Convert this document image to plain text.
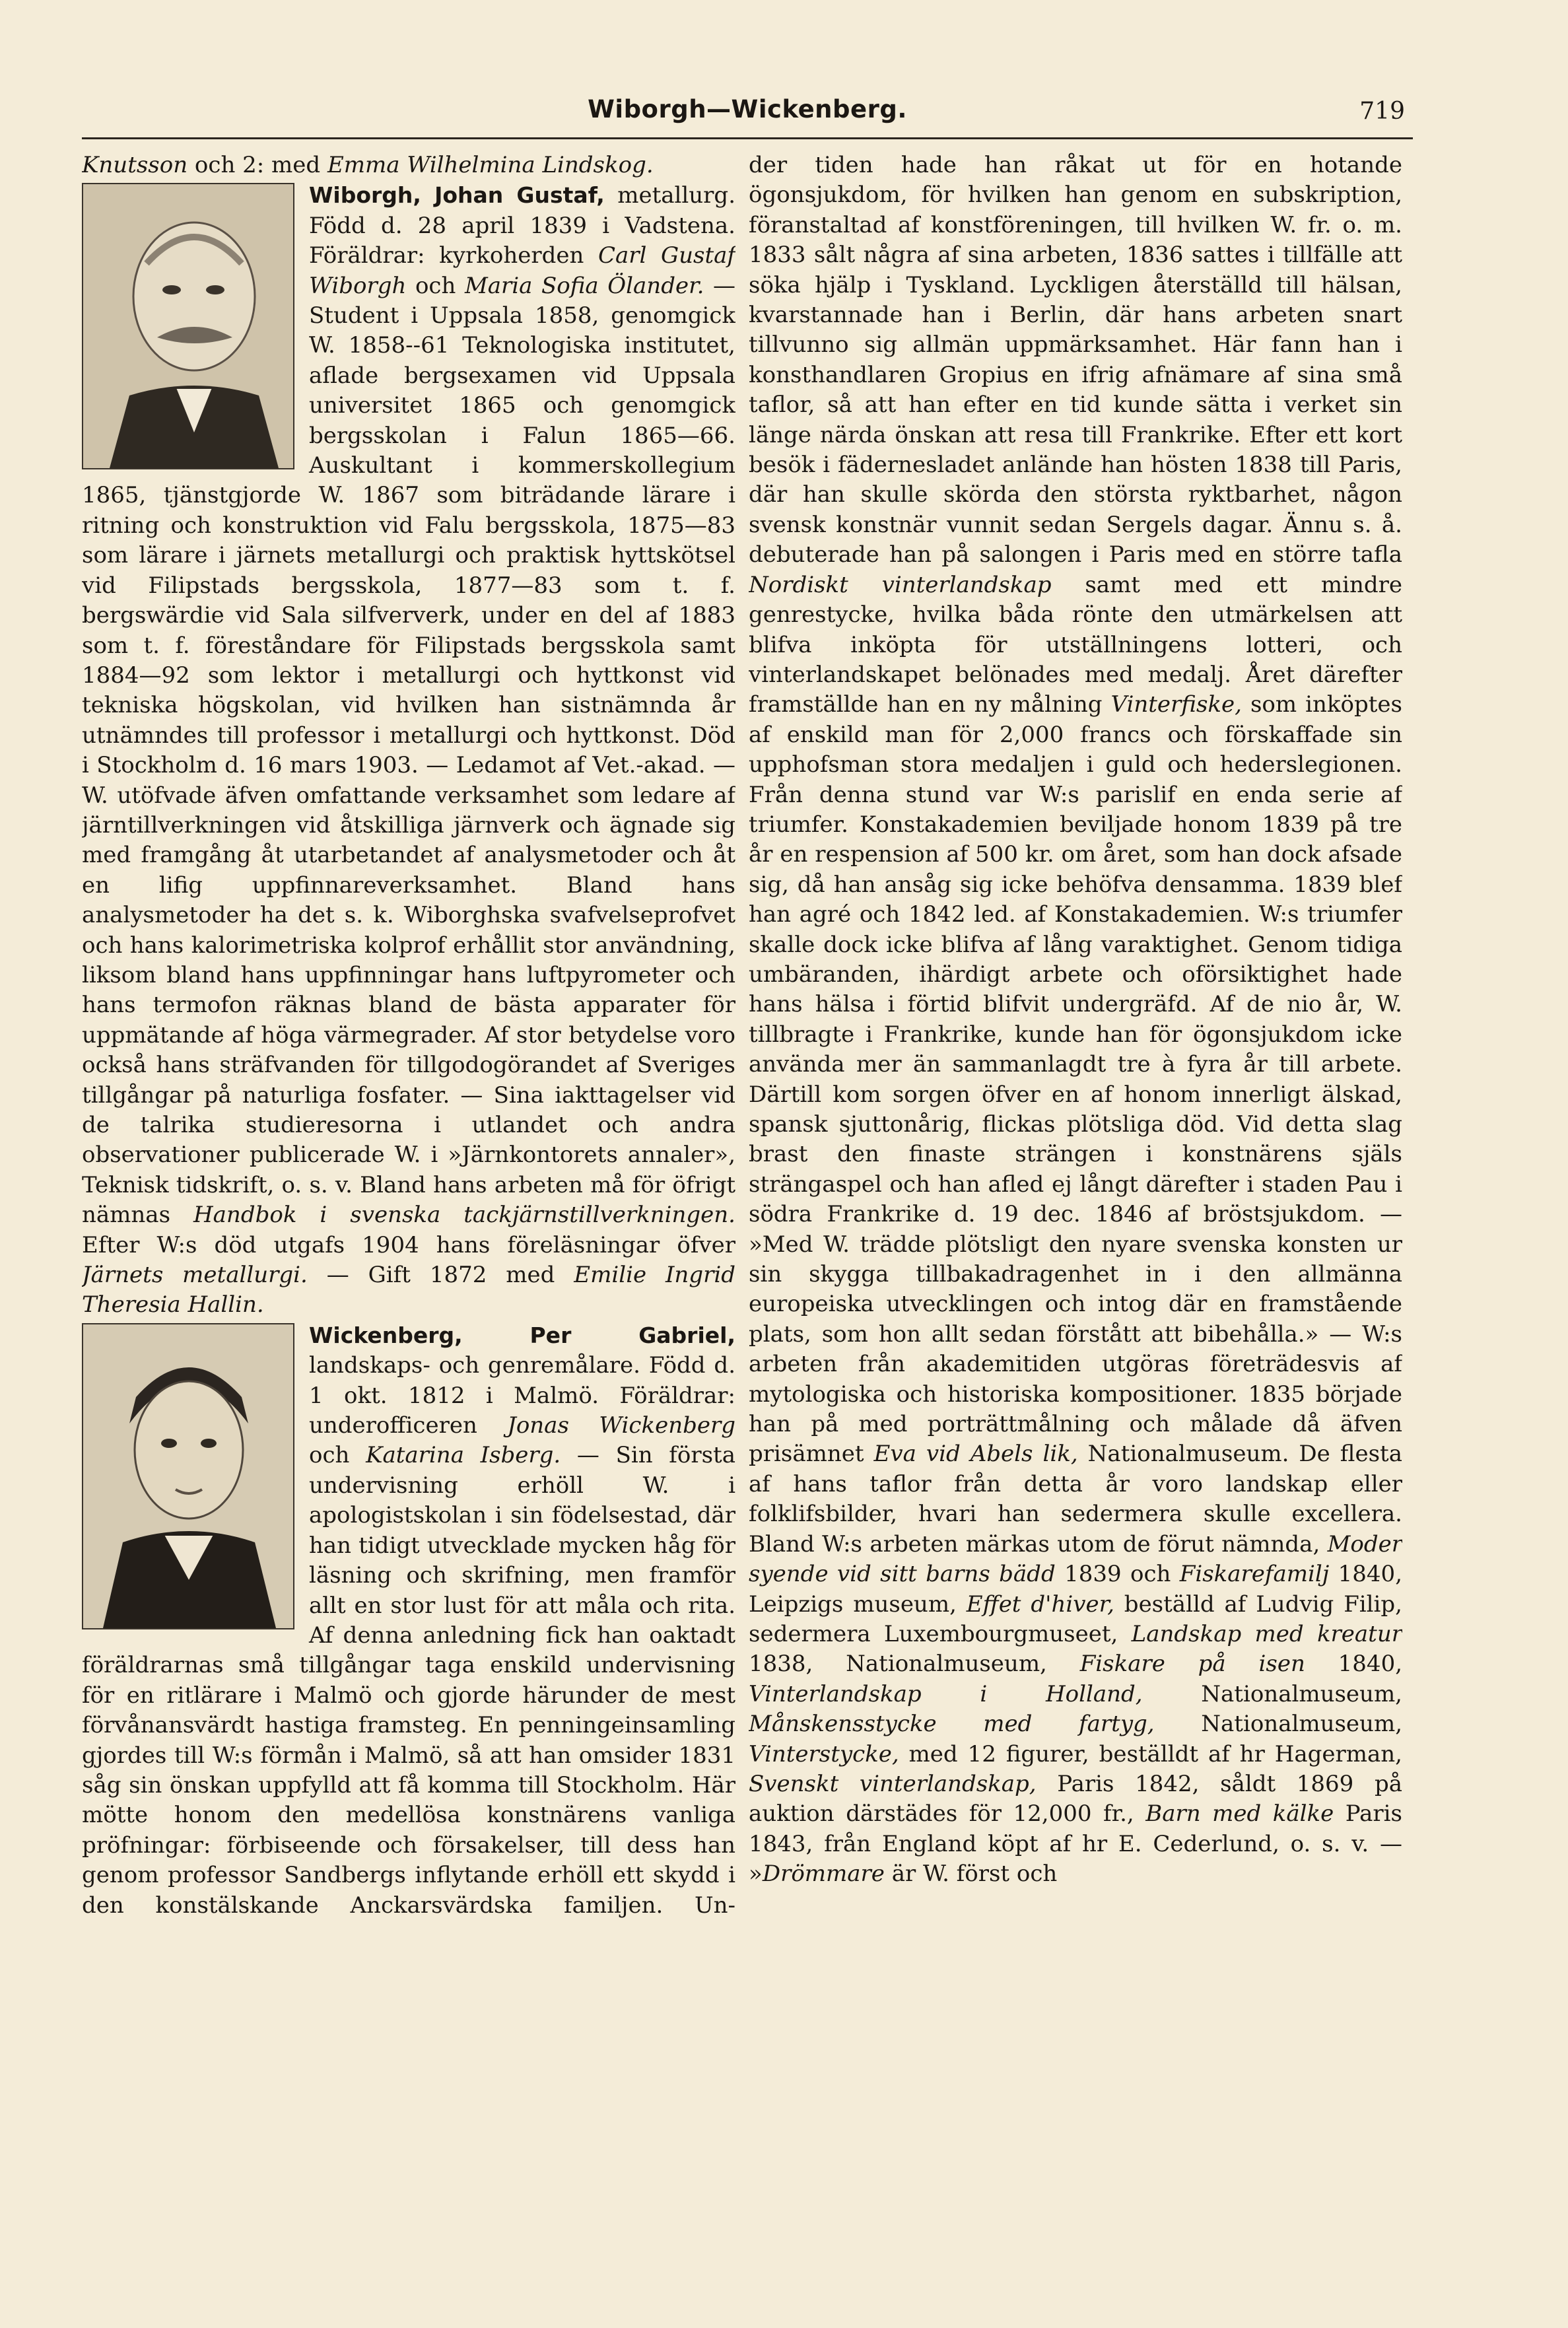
Wiborgh—Wickenberg.	719

Knutsson och 2: med Emma Wilhelmina Lindskog.

Wiborgh, Johan Gustaf, metallurg. Född d. 28 april 1839 i Vadstena. Föräldrar: kyrkoherden Carl Gustaf Wiborgh och Maria Sofia Ölander. — Student i Uppsala 1858, genomgick W. 1858--61 Teknologiska institutet, aflade bergsexamen vid Uppsala universitet 1865 och genomgick bergsskolan i Falun 1865—66. Auskultant i kommerskollegium 1865, tjänstgjorde W. 1867 som biträdande lärare i ritning och konstruktion vid Falu bergsskola, 1875—83 som lärare i järnets metallurgi och praktisk hyttskötsel vid Filipstads bergsskola, 1877—83 som t. f. bergswärdie vid Sala silfververk, under en del af 1883 som t. f. föreståndare för Filipstads bergsskola samt 1884—92 som lektor i metallurgi och hyttkonst vid tekniska högskolan, vid hvilken han sistnämnda år utnämndes till professor i metallurgi och hyttkonst. Död i Stockholm d. 16 mars 1903. — Ledamot af Vet.-akad. — W. utöfvade äfven omfattande verksamhet som ledare af järntillverkningen vid åtskilliga järnverk och ägnade sig med framgång åt utarbetandet af analysmetoder och åt en lifig uppfinnareverksamhet. Bland hans analysmetoder ha det s. k. Wiborghska svafvelseprofvet och hans kalorimetriska kolprof erhållit stor användning, liksom bland hans uppfinningar hans luftpyrometer och hans termofon räknas bland de bästa apparater för uppmätande af höga värmegrader. Af stor betydelse voro också hans sträfvanden för tillgodogörandet af Sveriges tillgångar på naturliga fosfater. — Sina iakttagelser vid de talrika studieresorna i utlandet och andra observationer publicerade W. i »Järnkontorets annaler», Teknisk tidskrift, o. s. v. Bland hans arbeten må för öfrigt nämnas Handbok i svenska tackjärnstillverkningen. Efter W:s död utgafs 1904 hans föreläsningar öfver Järnets metallurgi. — Gift 1872 med Emilie Ingrid Theresia Hallin.

Wickenberg, Per Gabriel, landskaps- och genremålare. Född d. 1 okt. 1812 i Malmö. Föräldrar: underofficeren Jonas Wickenberg och Katarina Isberg. — Sin första undervisning erhöll W. i apologistskolan i sin födelsestad, där han tidigt utvecklade mycken håg för läsning och skrifning, men framför allt en stor lust för att måla och rita. Af denna anledning fick han oaktadt föräldrarnas små tillgångar taga enskild undervisning för en ritlärare i Malmö och gjorde härunder de mest förvånansvärdt hastiga framsteg. En penningeinsamling gjordes till W:s förmån i Malmö, så att han omsider 1831 såg sin önskan uppfylld att få komma till Stockholm. Här mötte honom den medellösa konstnärens vanliga pröfningar: förbiseende och försakelser, till dess han genom professor Sandbergs inflytande erhöll ett skydd i den konstälskande Anckarsvärdska familjen. Un-

der tiden hade han råkat ut för en hotande ögonsjukdom, för hvilken han genom en subskription, föranstaltad af konstföreningen, till hvilken W. fr. o. m. 1833 sålt några af sina arbeten, 1836 sattes i tillfälle att söka hjälp i Tyskland. Lyckligen återställd till hälsan, kvarstannade han i Berlin, där hans arbeten snart tillvunno sig allmän uppmärksamhet. Här fann han i konsthandlaren Gropius en ifrig afnämare af sina små taflor, så att han efter en tid kunde sätta i verket sin länge närda önskan att resa till Frankrike. Efter ett kort besök i fädernesladet anlände han hösten 1838 till Paris, där han skulle skörda den största ryktbarhet, någon svensk konstnär vunnit sedan Sergels dagar. Ännu s. å. debuterade han på salongen i Paris med en större tafla Nordiskt vinterlandskap samt med ett mindre genrestycke, hvilka båda rönte den utmärkelsen att blifva inköpta för utställningens lotteri, och vinterlandskapet belönades med medalj. Året därefter framställde han en ny målning Vinterfiske, som inköptes af enskild man för 2,000 francs och förskaffade sin upphofsman stora medaljen i guld och hederslegionen. Från denna stund var W:s parislif en enda serie af triumfer. Konstakademien beviljade honom 1839 på tre år en respension af 500 kr. om året, som han dock afsade sig, då han ansåg sig icke behöfva densamma. 1839 blef han agré och 1842 led. af Konstakademien. W:s triumfer skalle dock icke blifva af lång varaktighet. Genom tidiga umbäranden, ihärdigt arbete och oförsiktighet hade hans hälsa i förtid blifvit undergräfd. Af de nio år, W. tillbragte i Frankrike, kunde han för ögonsjukdom icke använda mer än sammanlagdt tre à fyra år till arbete. Därtill kom sorgen öfver en af honom innerligt älskad, spansk sjuttonårig, flickas plötsliga död. Vid detta slag brast den finaste strängen i konstnärens själs strängaspel och han afled ej långt därefter i staden Pau i södra Frankrike d. 19 dec. 1846 af bröstsjukdom. — »Med W. trädde plötsligt den nyare svenska konsten ur sin skygga tillbakadragenhet in i den allmänna europeiska utvecklingen och intog där en framstående plats, som hon allt sedan förstått att bibehålla.» — W:s arbeten från akademitiden utgöras företrädesvis af mytologiska och historiska kompositioner. 1835 började han på med porträttmålning och målade då äfven prisämnet Eva vid Abels lik, Nationalmuseum. De flesta af hans taflor från detta år voro landskap eller folklifsbilder, hvari han sedermera skulle excellera. Bland W:s arbeten märkas utom de förut nämnda, Moder syende vid sitt barns bädd 1839 och Fiskarefamilj 1840, Leipzigs museum, Effet d'hiver, beställd af Ludvig Filip, sedermera Luxembourgmuseet, Landskap med kreatur 1838, Nationalmuseum, Fiskare på isen 1840, Vinterlandskap i Holland, Nationalmuseum, Månskensstycke med fartyg, Nationalmuseum, Vinterstycke, med 12 figurer, beställdt af hr Hagerman, Svenskt vinterlandskap, Paris 1842, såldt 1869 på auktion därstädes för 12,000 fr., Barn med kälke Paris 1843, från England köpt af hr E. Cederlund, o. s. v. — »Drömmare är W. först och
